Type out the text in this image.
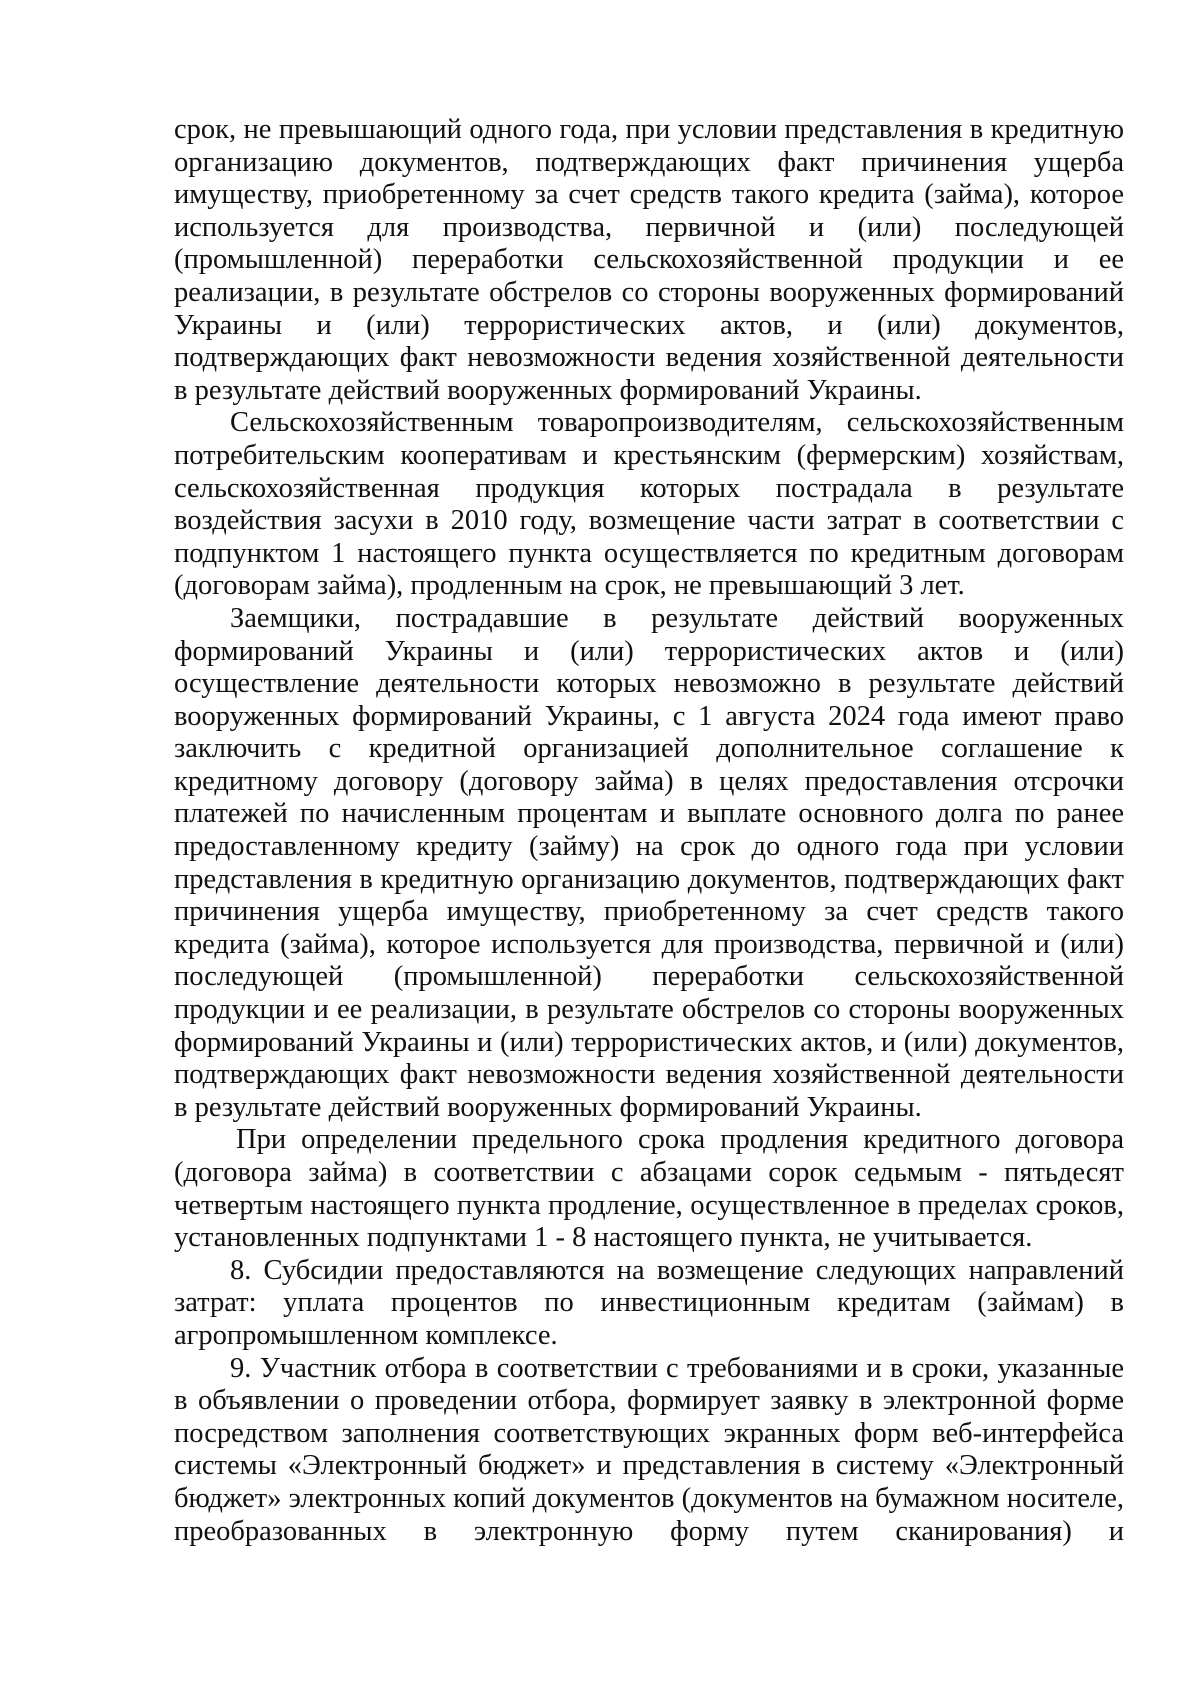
срок, не превышающий одного года, при условии представления в кредитную организацию документов, подтверждающих факт причинения ущерба имуществу, приобретенному за счет средств такого кредита (займа), которое используется для производства, первичной и (или) последующей (промышленной) переработки сельскохозяйственной продукции и ее реализации, в результате обстрелов со стороны вооруженных формирований Украины и (или) террористических актов, и (или) документов, подтверждающих факт невозможности ведения хозяйственной деятельности в результате действий вооруженных формирований Украины.

Сельскохозяйственным товаропроизводителям, сельскохозяйственным потребительским кооперативам и крестьянским (фермерским) хозяйствам, сельскохозяйственная продукция которых пострадала в результате воздействия засухи в 2010 году, возмещение части затрат в соответствии с подпунктом 1 настоящего пункта осуществляется по кредитным договорам (договорам займа), продленным на срок, не превышающий 3 лет.

Заемщики, пострадавшие в результате действий вооруженных формирований Украины и (или) террористических актов и (или) осуществление деятельности которых невозможно в результате действий вооруженных формирований Украины, с 1 августа 2024 года имеют право заключить с кредитной организацией дополнительное соглашение к кредитному договору (договору займа) в целях предоставления отсрочки платежей по начисленным процентам и выплате основного долга по ранее предоставленному кредиту (займу) на срок до одного года при условии представления в кредитную организацию документов, подтверждающих факт причинения ущерба имуществу, приобретенному за счет средств такого кредита (займа), которое используется для производства, первичной и (или) последующей (промышленной) переработки сельскохозяйственной продукции и ее реализации, в результате обстрелов со стороны вооруженных формирований Украины и (или) террористических актов, и (или) документов, подтверждающих факт невозможности ведения хозяйственной деятельности в результате действий вооруженных формирований Украины.

При определении предельного срока продления кредитного договора (договора займа) в соответствии с абзацами сорок седьмым - пятьдесят четвертым настоящего пункта продление, осуществленное в пределах сроков, установленных подпунктами 1 - 8 настоящего пункта, не учитывается.

8. Субсидии предоставляются на возмещение следующих направлений затрат: уплата процентов по инвестиционным кредитам (займам) в агропромышленном комплексе.

9. Участник отбора в соответствии с требованиями и в сроки, указанные в объявлении о проведении отбора, формирует заявку в электронной форме посредством заполнения соответствующих экранных форм веб-интерфейса системы «Электронный бюджет» и представления в систему «Электронный бюджет» электронных копий документов (документов на бумажном носителе, преобразованных в электронную форму путем сканирования) и
